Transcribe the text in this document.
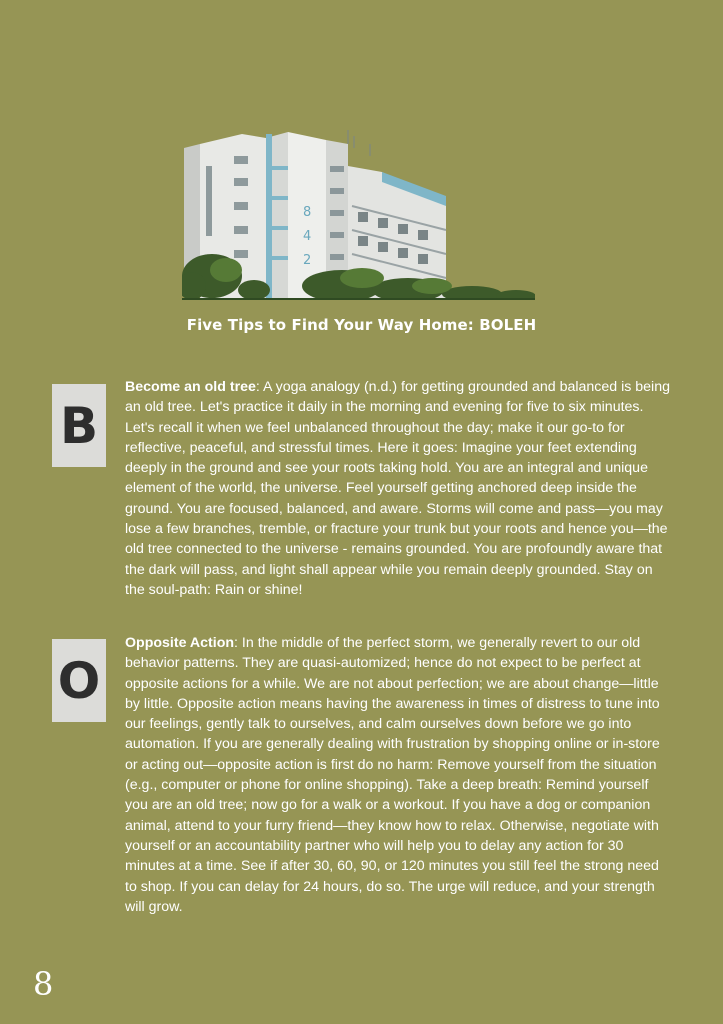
8
4
2
Five Tips to Find Your Way Home: BOLEH
B
Become an old tree: A yoga analogy (n.d.) for getting grounded and balanced is being an old tree. Let's practice it daily in the morning and evening for five to six minutes. Let's recall it when we feel unbalanced throughout the day; make it our go-to for reflective, peaceful, and stressful times. Here it goes: Imagine your feet extending deeply in the ground and see your roots taking hold. You are an integral and unique element of the world, the universe. Feel yourself getting anchored deep inside the ground. You are focused, balanced, and aware. Storms will come and pass—you may lose a few branches, tremble, or fracture your trunk but your roots and hence you—the old tree connected to the universe - remains grounded. You are profoundly aware that the dark will pass, and light shall appear while you remain deeply grounded. Stay on the soul-path: Rain or shine!
O
Opposite Action: In the middle of the perfect storm, we generally revert to our old behavior patterns. They are quasi-automized; hence do not expect to be perfect at opposite actions for a while. We are not about perfection; we are about change—little by little. Opposite action means having the awareness in times of distress to tune into our feelings, gently talk to ourselves, and calm ourselves down before we go into automation. If you are generally dealing with frustration by shopping online or in-store or acting out—opposite action is first do no harm: Remove yourself from the situation (e.g., computer or phone for online shopping). Take a deep breath: Remind yourself you are an old tree; now go for a walk or a workout. If you have a dog or companion animal, attend to your furry friend—they know how to relax. Otherwise, negotiate with yourself or an accountability partner who will help you to delay any action for 30 minutes at a time. See if after 30, 60, 90, or 120 minutes you still feel the strong need to shop. If you can delay for 24 hours, do so. The urge will reduce, and your strength will grow.
8
